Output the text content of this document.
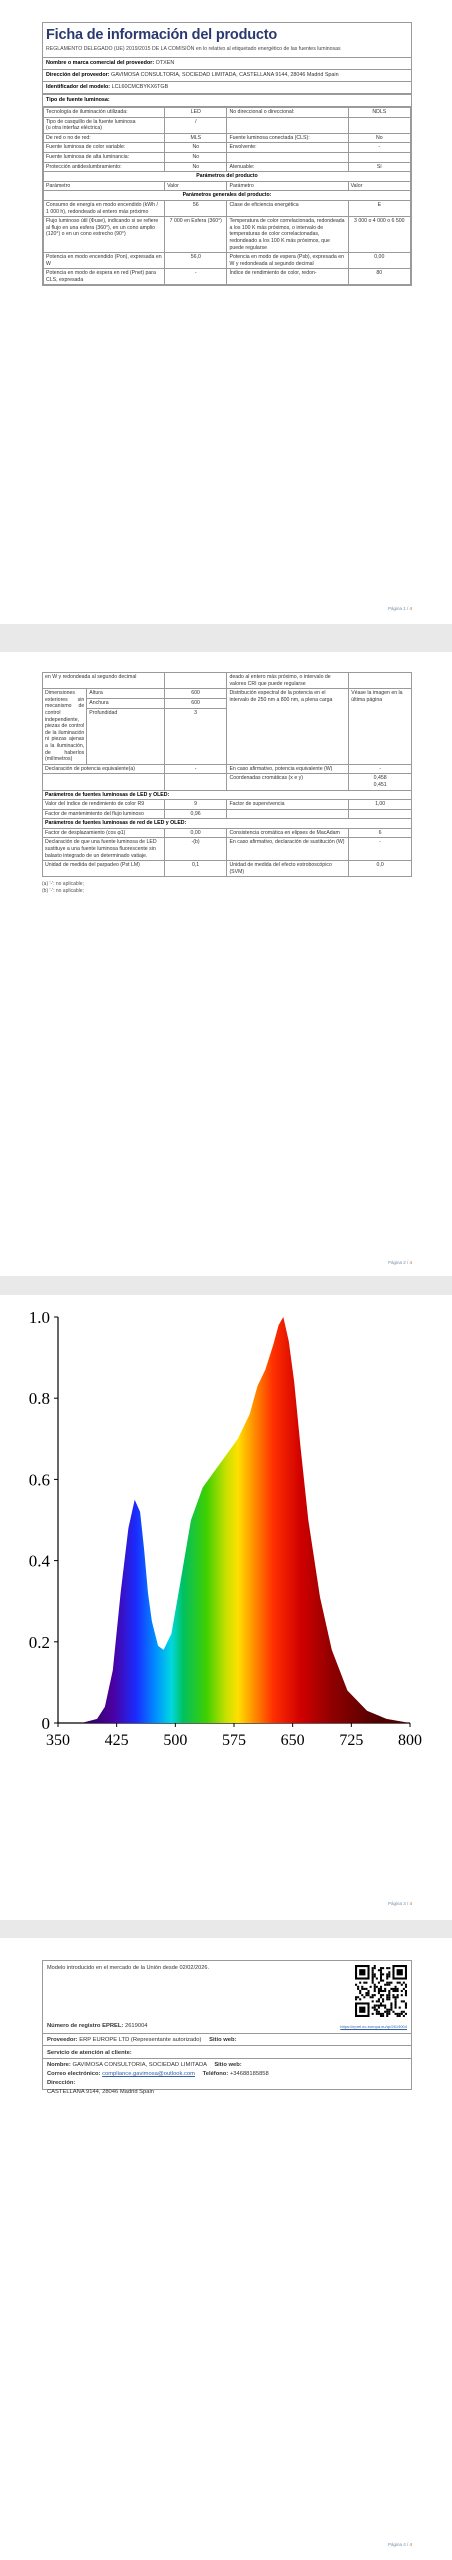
Ficha de información del producto
REGLAMENTO DELEGADO (UE) 2019/2015 DE LA COMISIÓN en lo relativo al etiquetado energético de las fuentes luminosas
Nombre o marca comercial del proveedor: OTXEN
Dirección del proveedor: GAVIMOSA CONSULTORIA, SOCIEDAD LIMITADA, CASTELLANA 9144, 28046 Madrid Spain
Identificador del modelo: LCL60CMCBYKX6TGB
Tipo de fuente luminosa:
Tecnología de iluminación utilizada:	LED	No direccional o direccional:	NDLS
Tipo de casquillo de la fuente luminosa
(u otra interfaz eléctrica)	/		
De red o no de red:	MLS	Fuente luminosa conectada (CLS):	No
Fuente luminosa de color variable:	No	Envolvente:	-
Fuente luminosa de alta luminancia:	No		
Protección antideslumbramiento:	No	Atenuable:	Sí
Parámetros del producto			
Parámetro	Valor	Parámetro	Valor
Parámetros generales del producto:			
Consumo de energía en modo encendido (kWh / 1 000 h), redondeado al entero más próximo	56	Clase de eficiencia energética	E
Flujo luminoso útil (Φuse), indicando si se refiere al flujo en una esfera (360°), en un cono amplio (120°) o en un cono estrecho (90°)	7 000 en Esfera (360°)	Temperatura de color correlacionada, redondeada a los 100 K más próximos, o intervalo de temperaturas de color correlacionadas, redondeado a los 100 K más próximos, que puede regularse	3 000 o 4 000 o 6 500
Potencia en modo encendido (Pon), expresada en W	56,0	Potencia en modo de espera (Psb), expresada en W y redondeada al segundo decimal	0,00
Potencia en modo de espera en red (Pnet) para CLS, expresada	-	Índice de rendimiento de color, redon-	80
Página 1 / 4
en W y redondeada al segundo decimal			deado al entero más próximo, o intervalo de valores CRI que puede regularse	
Dimensiones exteriores sin mecanismo de control independiente, piezas de control de la iluminación ni piezas ajenas a la iluminación, de haberlos (milímetros)	Altura	600	Distribución espectral de la potencia en el intervalo de 250 nm a 800 nm, a plena carga	Véase la imagen en la última página
	Anchura	600		
	Profundidad	3		
Declaración de potencia equivalente(a)		-	En caso afirmativo, potencia equivalente (W)	-
			Coordenadas cromáticas (x e y)	0,458
0,451
Parámetros de fuentes luminosas de LED y OLED:				
Valor del índice de rendimiento de color R9		9	Factor de supervivencia	1,00
Factor de mantenimiento del flujo luminoso		0,96		
Parámetros de fuentes luminosas de red de LED y OLED:				
Factor de desplazamiento (cos φ1)		0,00	Consistencia cromática en elipses de MacAdam	6
Declaración de que una fuente luminosa de LED sustituye a una fuente luminosa fluorescente sin balasto integrado de un determinado vatiaje.		-(b)	En caso afirmativo, declaración de sustitución (W)	-
Unidad de medida del parpadeo (Pst LM)		0,1	Unidad de medida del efecto estroboscópico (SVM)	0,0
(a) '-': no aplicable;
(b) '-': no aplicable;
Página 2 / 4
350 425 500 575 650 725 800
0
0.2
0.4
0.6
0.8
1.0
Página 3 / 4
Modelo introducido en el mercado de la Unión desde 02/02/2026.
Número de registro EPREL: 2619004	https://eprel.ec.europa.eu/qr/2619004
Proveedor: ERP EUROPE LTD (Representante autorizado) Sitio web:
Servicio de atención al cliente:
Nombre: GAVIMOSA CONSULTORIA, SOCIEDAD LIMITADA Sitio web:
Correo electrónico: compliance.gavimosa@outlook.com Teléfono: +34688185858
Dirección:
CASTELLANA 9144, 28046 Madrid Spain
Página 4 / 4
